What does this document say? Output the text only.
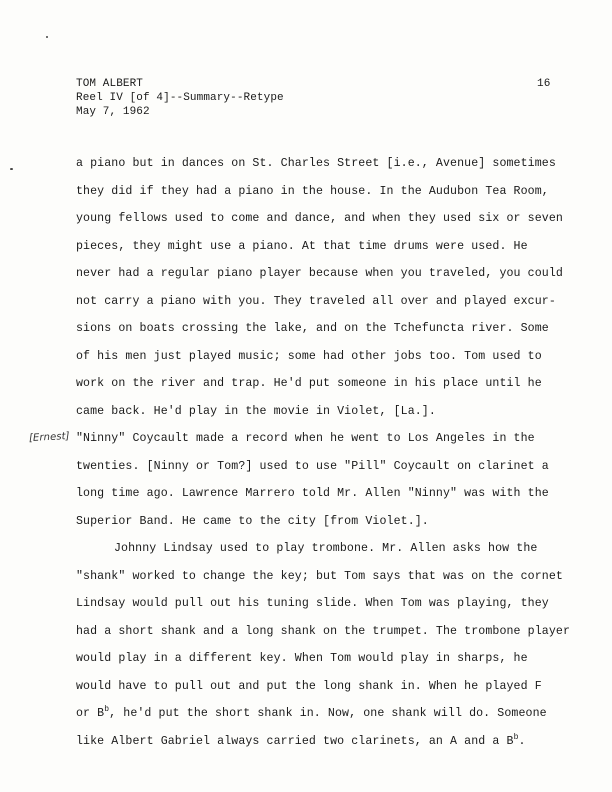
TOM ALBERT
Reel IV [of 4]--Summary--Retype
May 7, 1962
16
[Ernest]
a piano but in dances on St. Charles Street [i.e., Avenue] sometimes
they did if they had a piano in the house. In the Audubon Tea Room,
young fellows used to come and dance, and when they used six or seven
pieces, they might use a piano. At that time drums were used. He
never had a regular piano player because when you traveled, you could
not carry a piano with you. They traveled all over and played excur-
sions on boats crossing the lake, and on the Tchefuncta river. Some
of his men just played music; some had other jobs too. Tom used to
work on the river and trap. He'd put someone in his place until he
came back. He'd play in the movie in Violet, [La.].
"Ninny" Coycault made a record when he went to Los Angeles in the
twenties. [Ninny or Tom?] used to use "Pill" Coycault on clarinet a
long time ago. Lawrence Marrero told Mr. Allen "Ninny" was with the
Superior Band. He came to the city [from Violet.].
Johnny Lindsay used to play trombone. Mr. Allen asks how the
"shank" worked to change the key; but Tom says that was on the cornet
Lindsay would pull out his tuning slide. When Tom was playing, they
had a short shank and a long shank on the trumpet. The trombone player
would play in a different key. When Tom would play in sharps, he
would have to pull out and put the long shank in. When he played F
or $B^b$, he'd put the short shank in. Now, one shank will do. Someone
like Albert Gabriel always carried two clarinets, an A and a $B^b$.
